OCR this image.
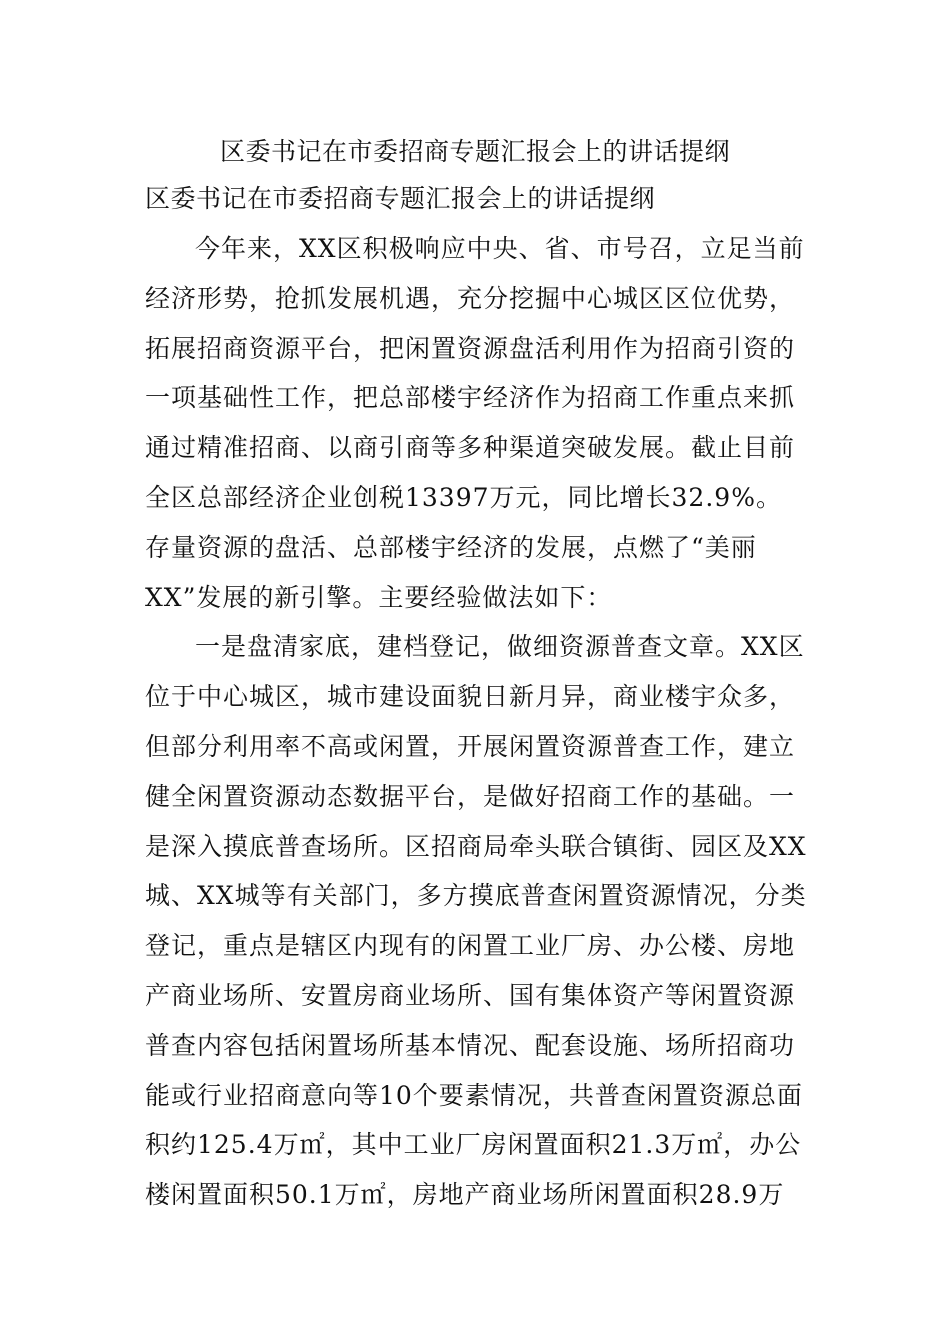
区委书记在市委招商专题汇报会上的讲话提纲
区委书记在市委招商专题汇报会上的讲话提纲
今年来，XX区积极响应中央、省、市号召，立足当前
经济形势，抢抓发展机遇，充分挖掘中心城区区位优势，
拓展招商资源平台，把闲置资源盘活利用作为招商引资的
一项基础性工作，把总部楼宇经济作为招商工作重点来抓
通过精准招商、以商引商等多种渠道突破发展。截止目前
全区总部经济企业创税13397万元，同比增长32.9%。
存量资源的盘活、总部楼宇经济的发展，点燃了“美丽
XX”发展的新引擎。主要经验做法如下：
一是盘清家底，建档登记，做细资源普查文章。XX区
位于中心城区，城市建设面貌日新月异，商业楼宇众多，
但部分利用率不高或闲置，开展闲置资源普查工作，建立
健全闲置资源动态数据平台，是做好招商工作的基础。一
是深入摸底普查场所。区招商局牵头联合镇街、园区及XX
城、XX城等有关部门，多方摸底普查闲置资源情况，分类
登记，重点是辖区内现有的闲置工业厂房、办公楼、房地
产商业场所、安置房商业场所、国有集体资产等闲置资源
普查内容包括闲置场所基本情况、配套设施、场所招商功
能或行业招商意向等10个要素情况，共普查闲置资源总面
积约125.4万㎡，其中工业厂房闲置面积21.3万㎡，办公
楼闲置面积50.1万㎡，房地产商业场所闲置面积28.9万
